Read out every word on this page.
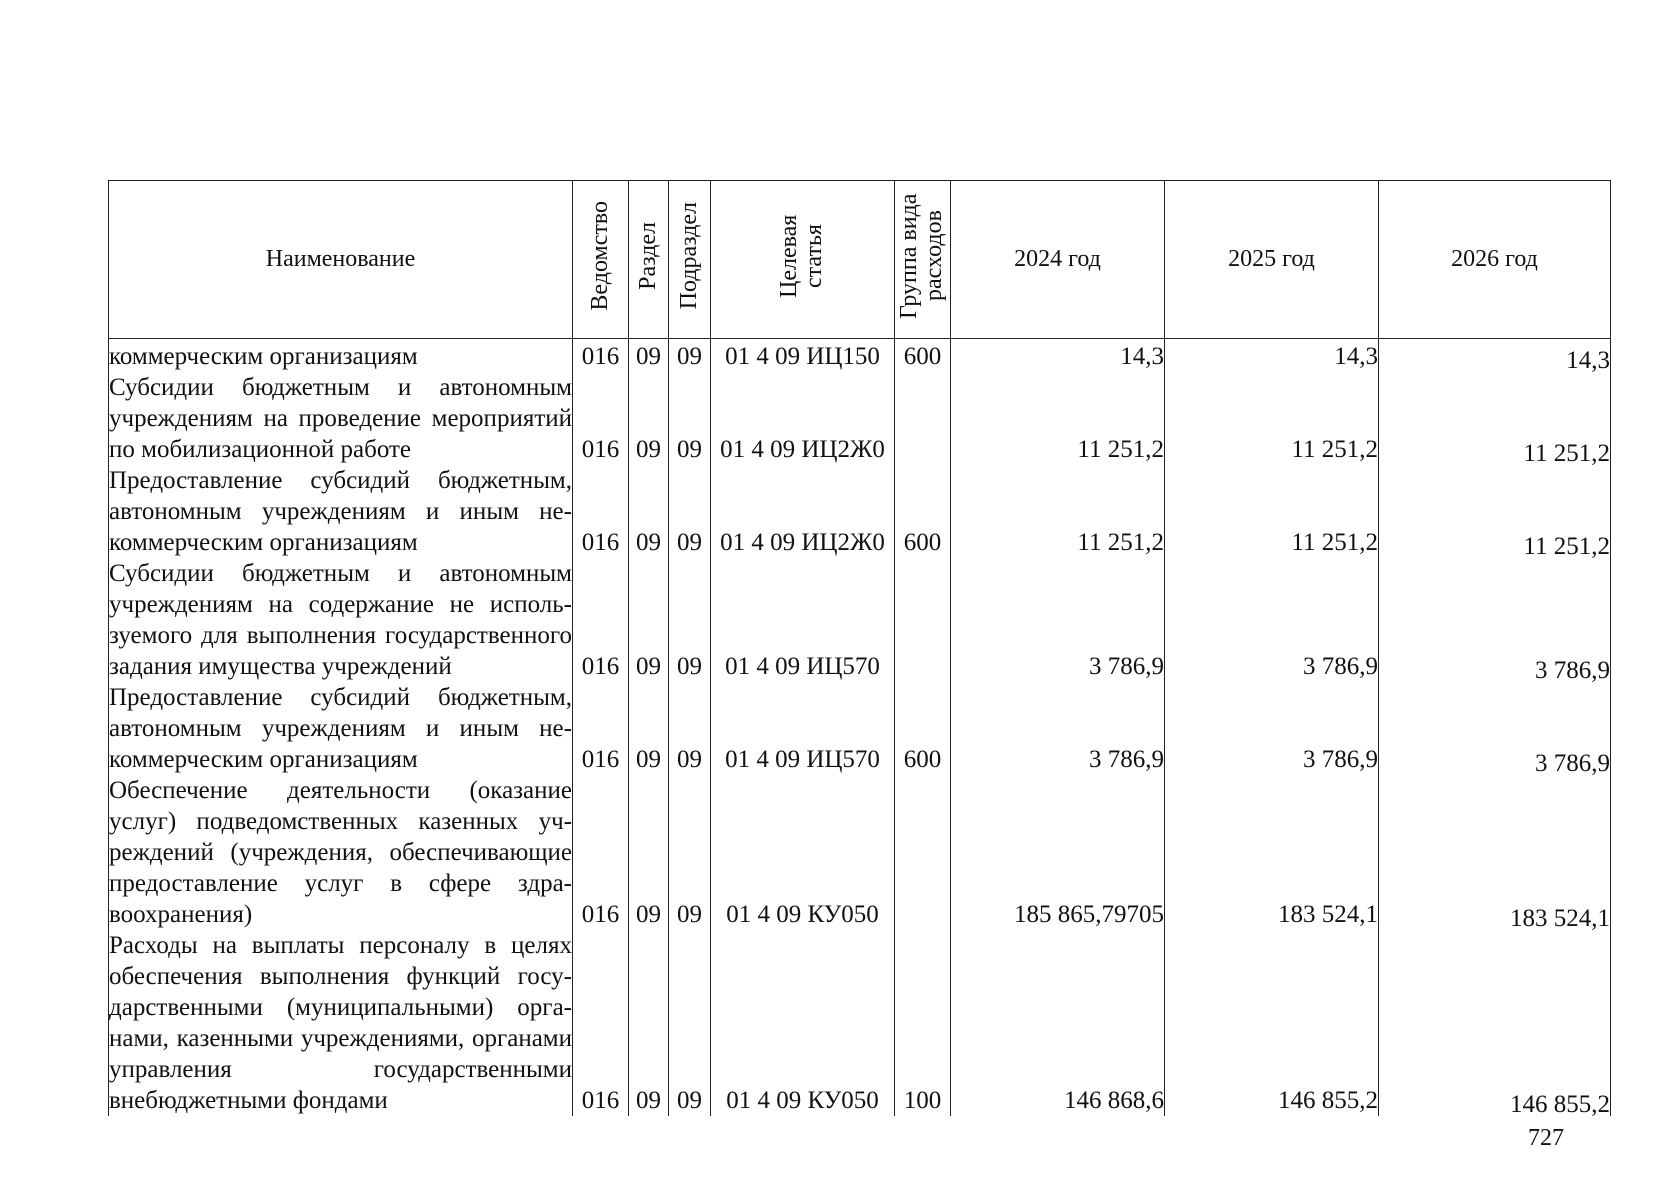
Наименование	Ведомство	Раздел	Подраздел	Целевая статья	Группа вида расходов	2024 год	2025 год	2026 год
коммерческим организациям	016	09	09	01 4 09 ИЦ150	600	14,3	14,3	14,3
Субсидии бюджетным и автономным учреждениям на проведение мероприятий по мобилизационной работе	016	09	09	01 4 09 ИЦ2Ж0		11 251,2	11 251,2	11 251,2
Предоставление субсидий бюджетным, автономным учреждениям и иным некоммерческим организациям	016	09	09	01 4 09 ИЦ2Ж0	600	11 251,2	11 251,2	11 251,2
Субсидии бюджетным и автономным учреждениям на содержание не используемого для выполнения государственного задания имущества учреждений	016	09	09	01 4 09 ИЦ570		3 786,9	3 786,9	3 786,9
Предоставление субсидий бюджетным, автономным учреждениям и иным некоммерческим организациям	016	09	09	01 4 09 ИЦ570	600	3 786,9	3 786,9	3 786,9
Обеспечение деятельности (оказание услуг) подведомственных казенных учреждений (учреждения, обеспечивающие предоставление услуг в сфере здравоохранения)	016	09	09	01 4 09 КУ050		185 865,79705	183 524,1	183 524,1
Расходы на выплаты персоналу в целях обеспечения выполнения функций государственными (муниципальными) органами, казенными учреждениями, органами управления государственными внебюджетными фондами	016	09	09	01 4 09 КУ050	100	146 868,6	146 855,2	146 855,2
727
